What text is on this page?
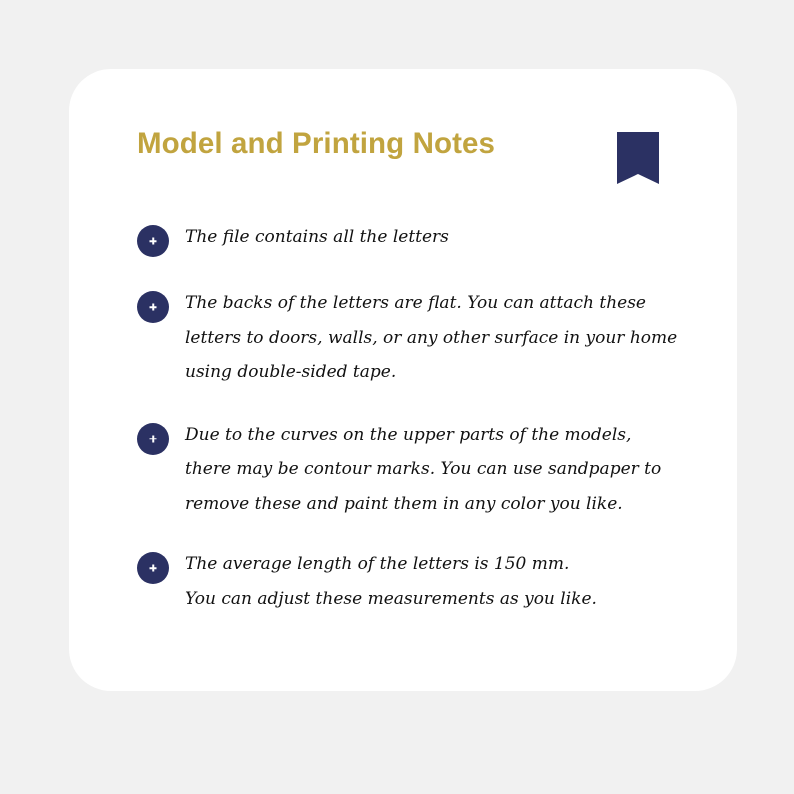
Model and Printing Notes
The file contains all the letters
The backs of the letters are flat. You can attach these
letters to doors, walls, or any other surface in your home
using double-sided tape.
Due to the curves on the upper parts of the models,
there may be contour marks. You can use sandpaper to
remove these and paint them in any color you like.
The average length of the letters is 150 mm.
You can adjust these measurements as you like.
